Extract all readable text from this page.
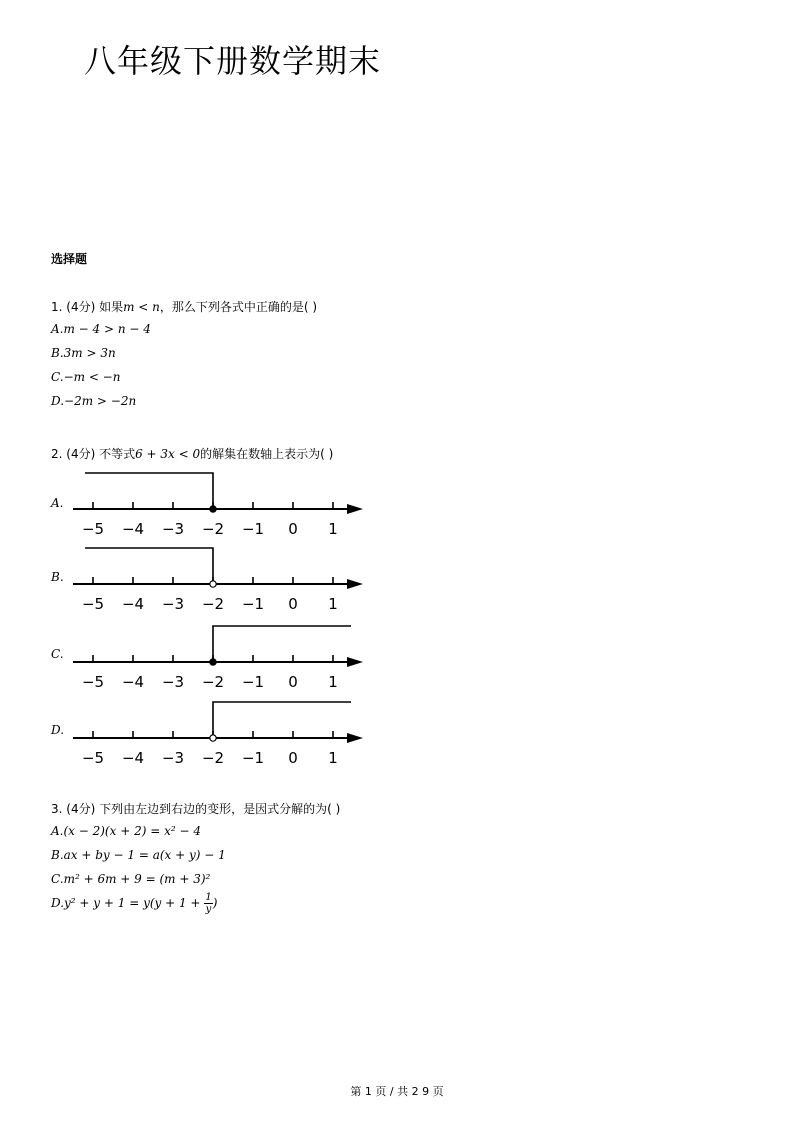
八年级下册数学期末
选择题
1. (4分) 如果m < n，那么下列各式中正确的是( )
A.m − 4 > n − 4
B.3m > 3n
C.−m < −n
D.−2m > −2n
2. (4分) 不等式6 + 3x < 0的解集在数轴上表示为( )
A.
−5 −4 −3 −2 −1 0 1
B.
−5 −4 −3 −2 −1 0 1
C.
−5 −4 −3 −2 −1 0 1
D.
−5 −4 −3 −2 −1 0 1
3. (4分) 下列由左边到右边的变形，是因式分解的为( )
A.(x − 2)(x + 2) = x² − 4
B.ax + by − 1 = a(x + y) − 1
C.m² + 6m + 9 = (m + 3)²
$D.y^2 + y + 1 = y(y + 1 + \frac{1}{y}$ )
第 1 页 / 共 2 9 页
